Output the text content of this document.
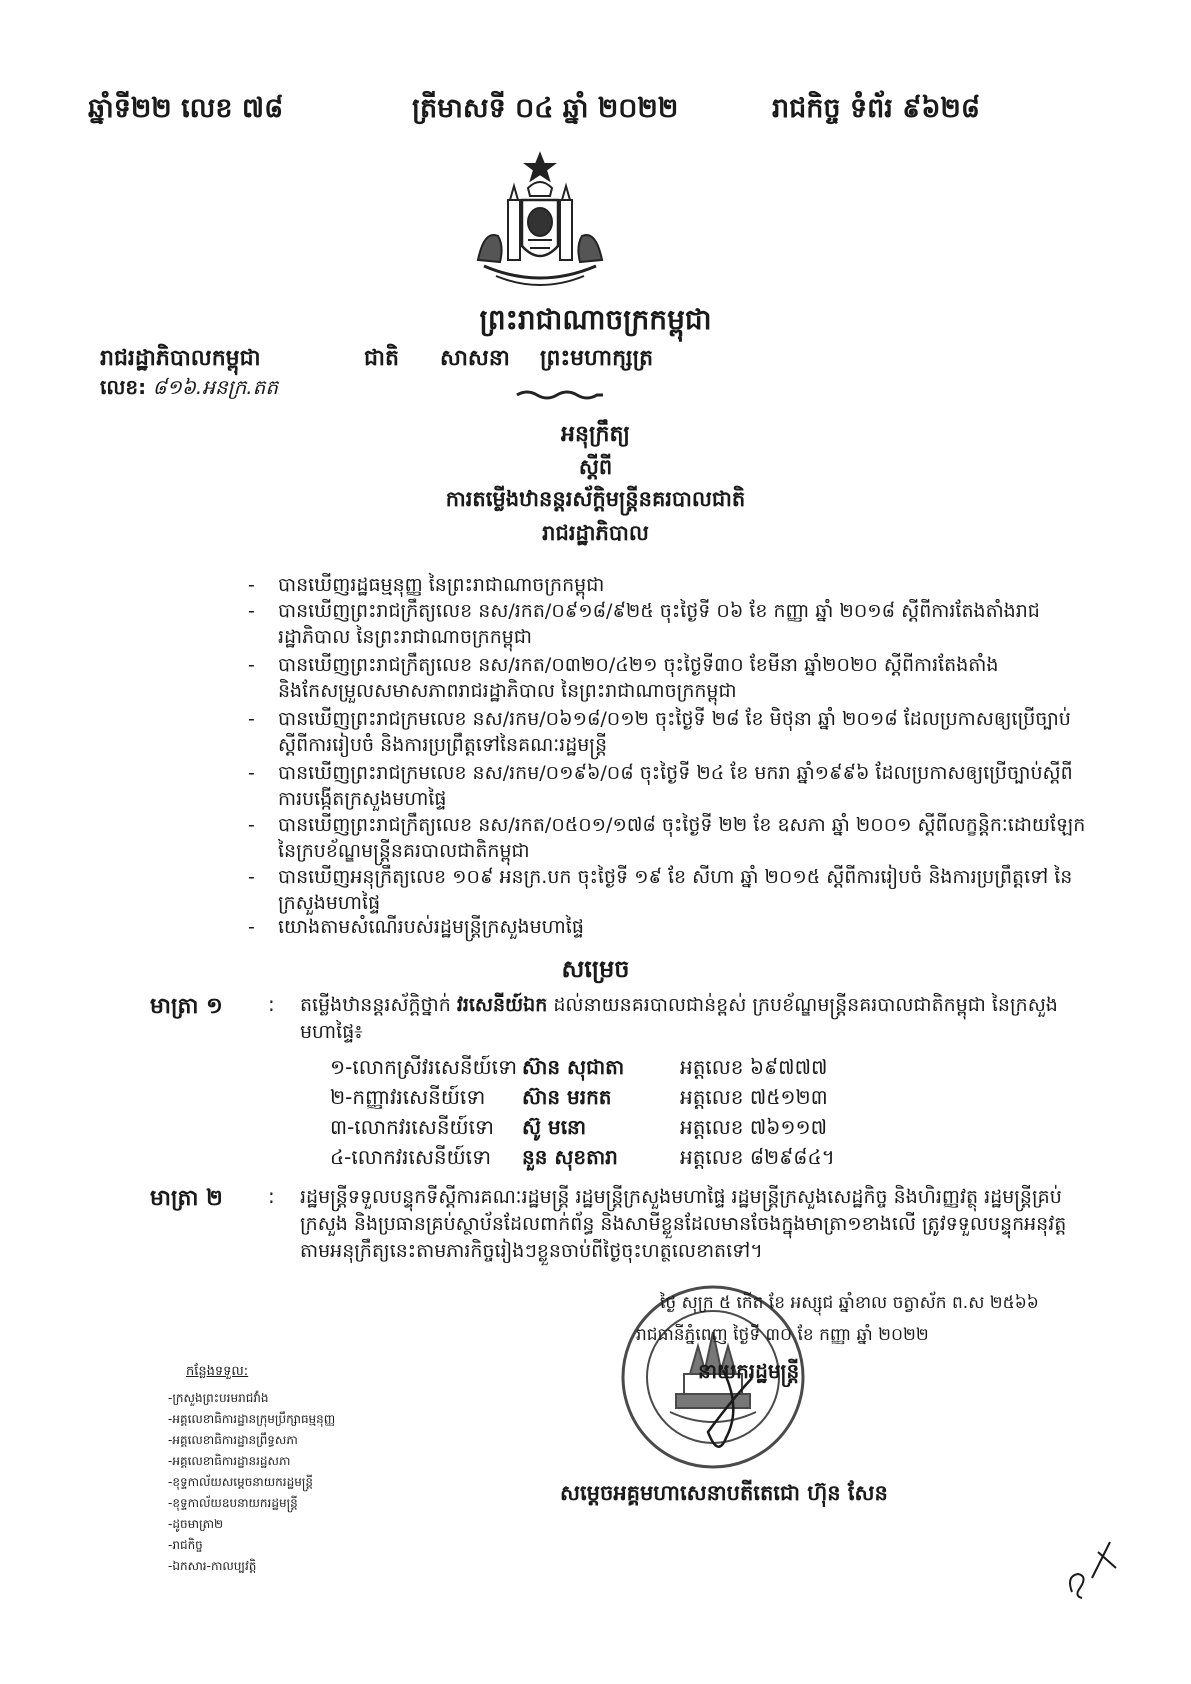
ឆ្នាំទី២២ លេខ ៧៨	ត្រីមាសទី ០៤ ឆ្នាំ ២០២២	រាជកិច្ច ទំព័រ ៩៦២៨
ព្រះរាជាណាចក្រកម្ពុជា
រាជរដ្ឋាភិបាលកម្ពុជា	ជាតិ សាសនា ព្រះមហាក្សត្រ
លេខ: ៨១៦.អនក្រ.តត
អនុក្រឹត្យ
ស្ដីពី
ការតម្លើងឋានន្តរស័ក្តិមន្ត្រីនគរបាលជាតិ
រាជរដ្ឋាភិបាល
- បានឃើញរដ្ឋធម្មនុញ្ញ នៃព្រះរាជាណាចក្រកម្ពុជា
- បានឃើញព្រះរាជក្រឹត្យលេខ នស/រកត/០៩១៨/៩២៥ ចុះថ្ងៃទី ០៦ ខែ កញ្ញា ឆ្នាំ ២០១៨ ស្តីពីការតែងតាំងរាជរដ្ឋាភិបាល នៃព្រះរាជាណាចក្រកម្ពុជា
- បានឃើញព្រះរាជក្រឹត្យលេខ នស/រកត/០៣២០/៤២១ ចុះថ្ងៃទី៣០ ខែមីនា ឆ្នាំ២០២០ ស្តីពីការតែងតាំង និងកែសម្រួលសមាសភាពរាជរដ្ឋាភិបាល នៃព្រះរាជាណាចក្រកម្ពុជា
- បានឃើញព្រះរាជក្រមលេខ នស/រកម/០៦១៨/០១២ ចុះថ្ងៃទី ២៨ ខែ មិថុនា ឆ្នាំ ២០១៨ ដែលប្រកាសឲ្យប្រើច្បាប់ស្តីពីការរៀបចំ និងការប្រព្រឹត្តទៅនៃគណៈរដ្ឋមន្ត្រី
- បានឃើញព្រះរាជក្រមលេខ នស/រកម/០១៩៦/០៨ ចុះថ្ងៃទី ២៤ ខែ មករា ឆ្នាំ១៩៩៦ ដែលប្រកាសឲ្យប្រើច្បាប់ស្តីពីការបង្កើតក្រសួងមហាផ្ទៃ
- បានឃើញព្រះរាជក្រឹត្យលេខ នស/រកត/០៥០១/១៧៨ ចុះថ្ងៃទី ២២ ខែ ឧសភា ឆ្នាំ ២០០១ ស្តីពីលក្ខន្តិកៈដោយឡែក នៃក្របខ័ណ្ឌមន្ត្រីនគរបាលជាតិកម្ពុជា
- បានឃើញអនុក្រឹត្យលេខ ១០៩ អនក្រ.បក ចុះថ្ងៃទី ១៩ ខែ សីហា ឆ្នាំ ២០១៥ ស្តីពីការរៀបចំ និងការប្រព្រឹត្តទៅ នៃក្រសួងមហាផ្ទៃ
- យោងតាមសំណើរបស់រដ្ឋមន្ត្រីក្រសួងមហាផ្ទៃ
សម្រេច
មាត្រា ១ : តម្លើងឋានន្តរស័ក្តិថ្នាក់ វរសេនីយ៍ឯក ដល់នាយនគរបាលជាន់ខ្ពស់ ក្របខ័ណ្ឌមន្ត្រីនគរបាលជាតិកម្ពុជា នៃក្រសួងមហាផ្ទៃ៖
១-លោកស្រីវរសេនីយ៍ទោ ស៊ាន សុជាតា	អត្តលេខ ៦៩៧៧៧
២-កញ្ញាវរសេនីយ៍ទោ ស៊ាន មរកត	អត្តលេខ ៧៥១២៣
៣-លោកវរសេនីយ៍ទោ ស៊ូ មនោ	អត្តលេខ ៧៦១១៧
៤-លោកវរសេនីយ៍ទោ នួន សុខតារា	អត្តលេខ ៨២៩៨៤។
មាត្រា ២ : រដ្ឋមន្ត្រីទទួលបន្ទុកទីស្តីការគណៈរដ្ឋមន្ត្រី រដ្ឋមន្ត្រីក្រសួងមហាផ្ទៃ រដ្ឋមន្ត្រីក្រសួងសេដ្ឋកិច្ច និងហិរញ្ញវត្ថុ រដ្ឋមន្ត្រីគ្រប់ក្រសួង និងប្រធានគ្រប់ស្ថាប័នដែលពាក់ព័ន្ធ និងសាមីខ្លួនដែលមានចែងក្នុងមាត្រា១ខាងលើ ត្រូវទទួលបន្ទុកអនុវត្តតាមអនុក្រឹត្យនេះតាមភារកិច្ចរៀងៗខ្លួនចាប់ពីថ្ងៃចុះហត្ថលេខាតទៅ។
ថ្ងៃ សុក្រ ៥ កើត ខែ អស្សុជ ឆ្នាំខាល ចត្វាស័ក ព.ស ២៥៦៦
រាជធានីភ្នំពេញ ថ្ងៃទី ៣០ ខែ កញ្ញា ឆ្នាំ ២០២២
នាយករដ្ឋមន្ត្រី
សម្តេចអគ្គមហាសេនាបតីតេជោ ហ៊ុន សែន
កន្លែងទទួល:
-ក្រសួងព្រះបរមរាជវាំង
-អគ្គលេខាធិការដ្ឋានក្រុមប្រឹក្សាធម្មនុញ្ញ
-អគ្គលេខាធិការដ្ឋានព្រឹទ្ធសភា
-អគ្គលេខាធិការដ្ឋានរដ្ឋសភា
-ខុទ្ទកាល័យសម្តេចនាយករដ្ឋមន្ត្រី
-ខុទ្ទកាល័យឧបនាយករដ្ឋមន្ត្រី
-ដូចមាត្រា២
-រាជកិច្ច
-ឯកសារ-កាលប្បវត្តិ
